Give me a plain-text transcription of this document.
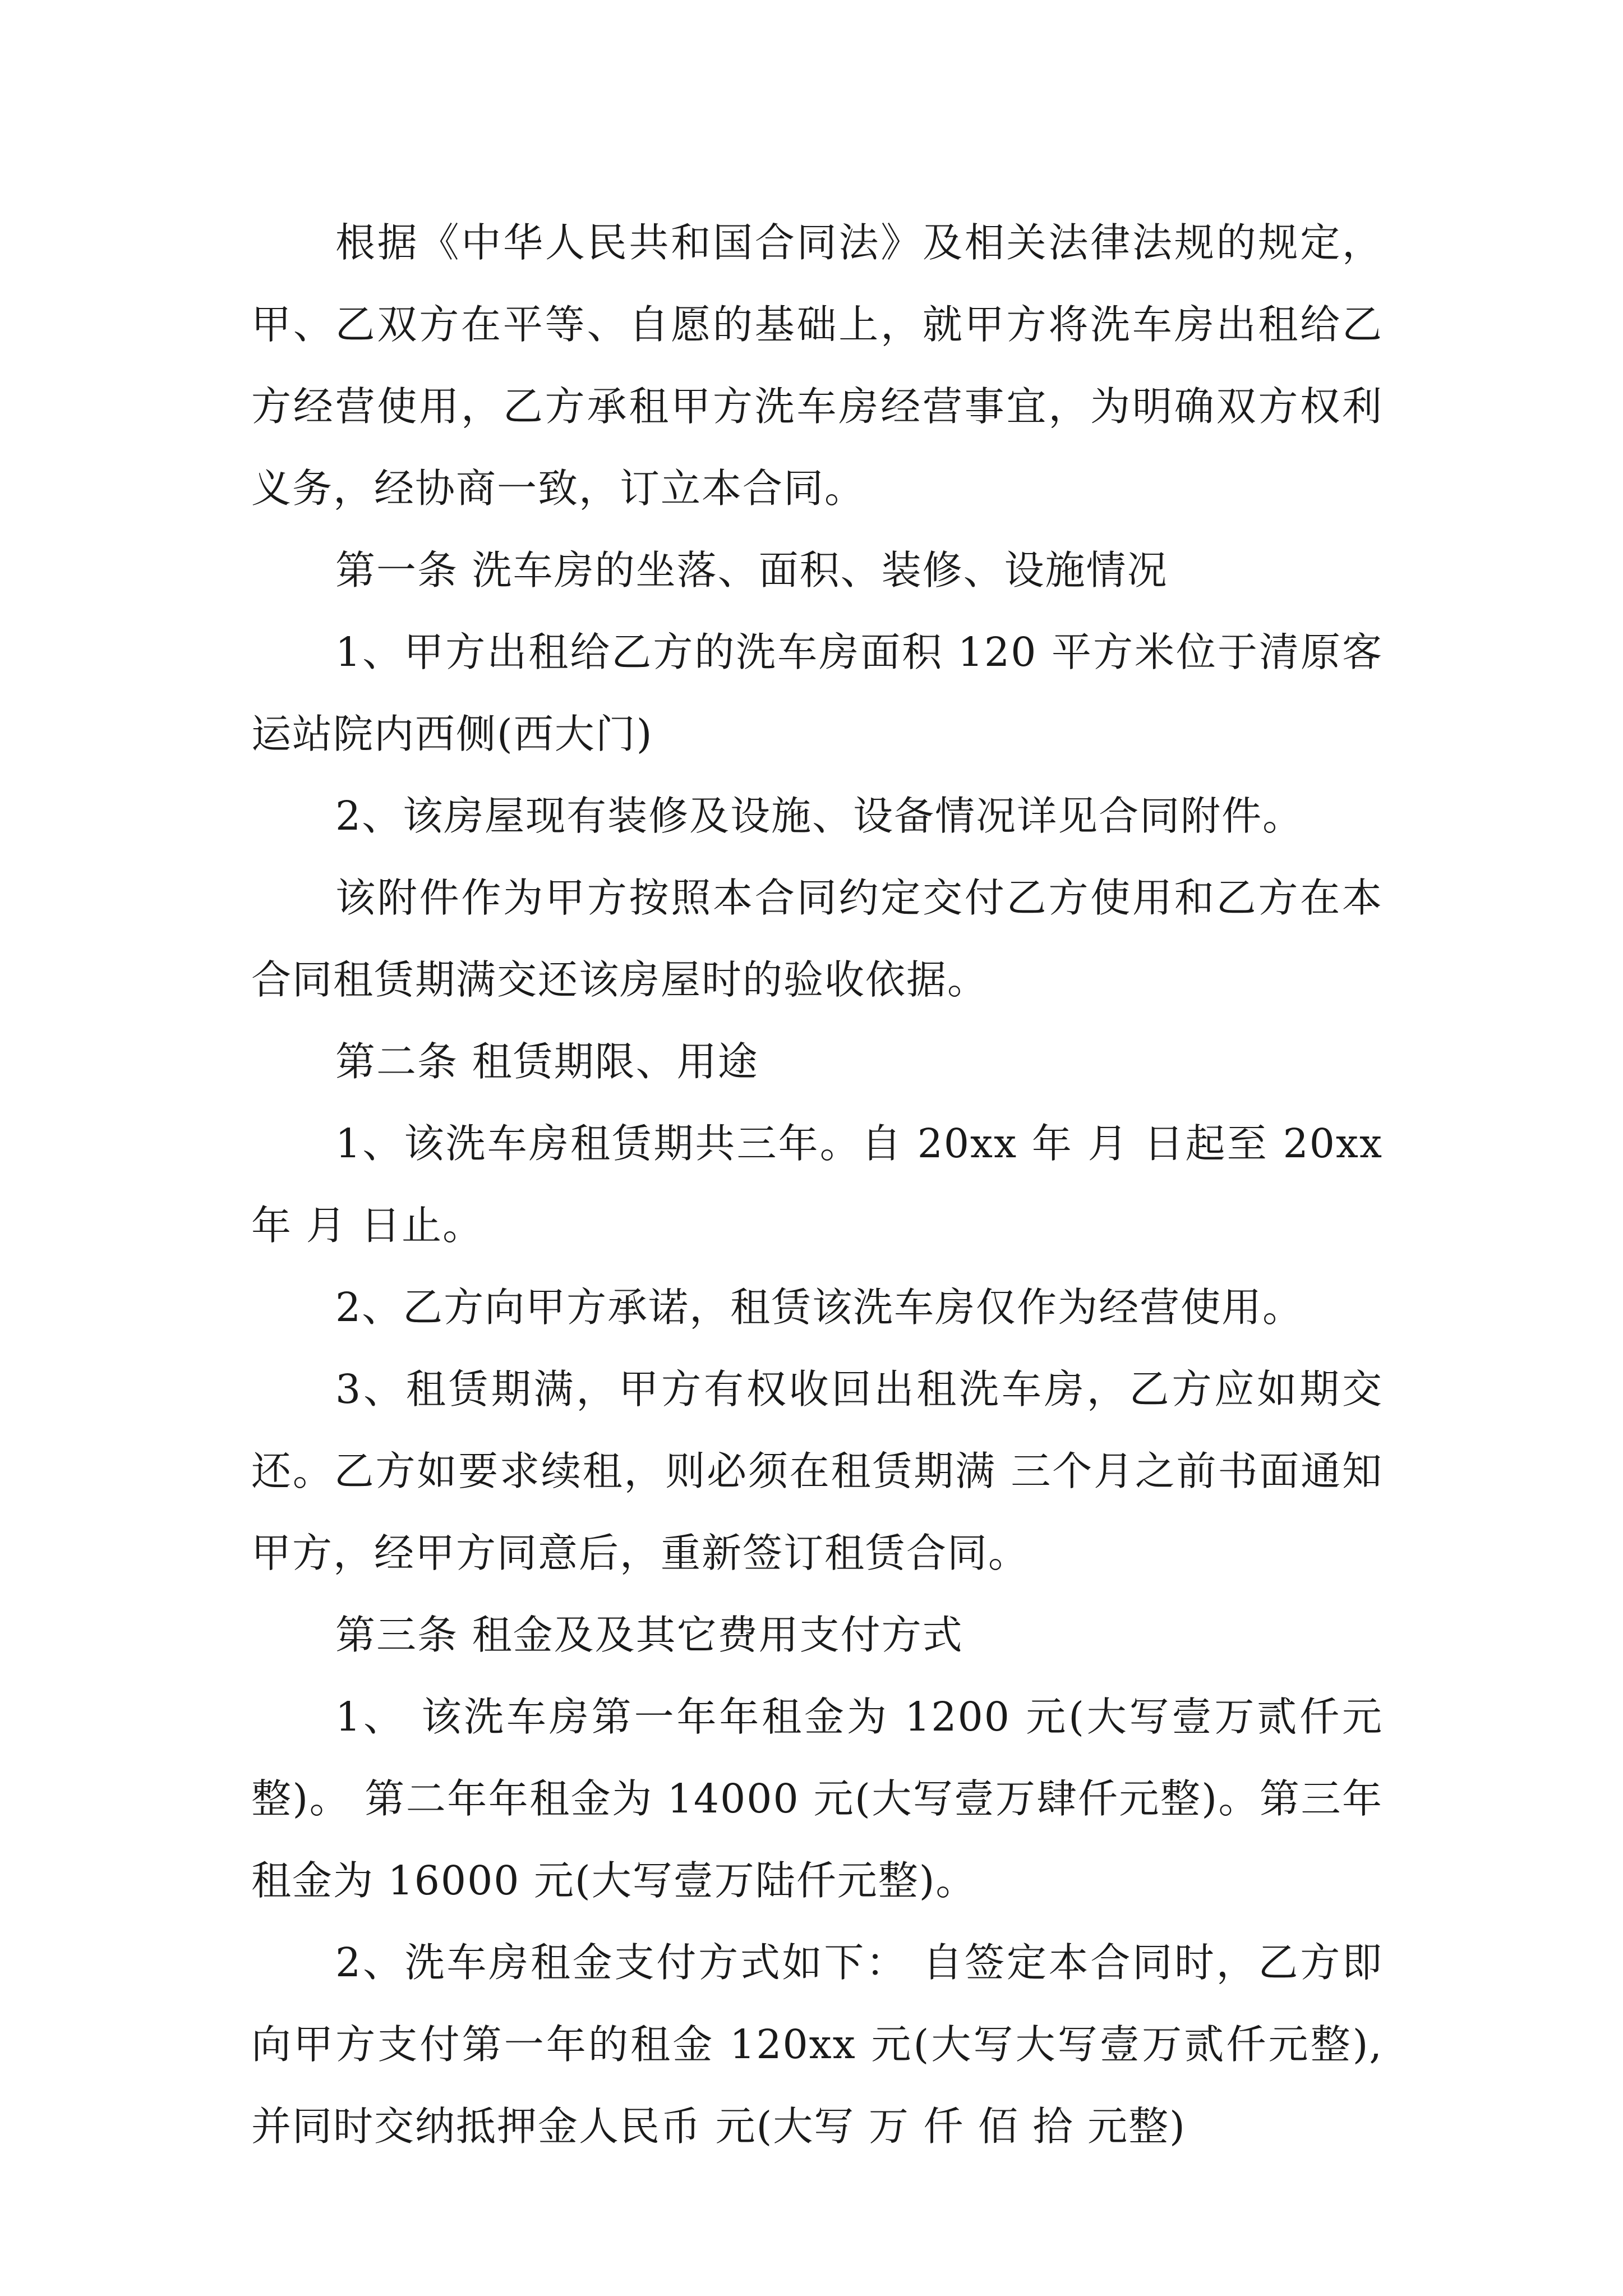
根据《中华人民共和国合同法》及相关法律法规的规定，甲、乙双方在平等、自愿的基础上，就甲方将洗车房出租给乙方经营使用，乙方承租甲方洗车房经营事宜，为明确双方权利义务，经协商一致，订立本合同。

第一条 洗车房的坐落、面积、装修、设施情况

1、甲方出租给乙方的洗车房面积 120 平方米位于清原客运站院内西侧(西大门)

2、该房屋现有装修及设施、设备情况详见合同附件。

该附件作为甲方按照本合同约定交付乙方使用和乙方在本合同租赁期满交还该房屋时的验收依据。

第二条 租赁期限、用途

1、该洗车房租赁期共三年。自 20xx 年 月 日起至 20xx 年 月 日止。

2、乙方向甲方承诺，租赁该洗车房仅作为经营使用。

3、租赁期满，甲方有权收回出租洗车房，乙方应如期交还。乙方如要求续租，则必须在租赁期满 三个月之前书面通知甲方，经甲方同意后，重新签订租赁合同。

第三条 租金及及其它费用支付方式

1、 该洗车房第一年年租金为 1200 元(大写壹万贰仟元整)。 第二年年租金为 14000 元(大写壹万肆仟元整)。第三年租金为 16000 元(大写壹万陆仟元整)。

2、洗车房租金支付方式如下： 自签定本合同时，乙方即向甲方支付第一年的租金 120xx 元(大写大写壹万贰仟元整),并同时交纳抵押金人民币 元(大写 万 仟 佰 拾 元整)
